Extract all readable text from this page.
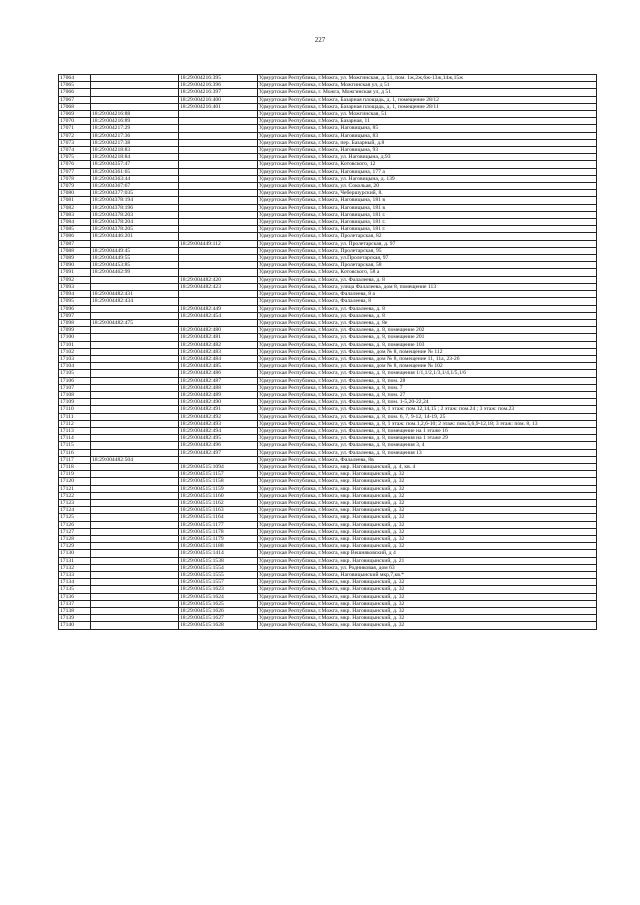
227
17064		18:29:004216:395	Удмуртская Республика, г.Можга, ул. Можгинская, д. 51, пом. 1ж,2ж,6ж-13ж,14ж,15ж
17065		18:29:004216:396	Удмуртская Республика, г.Можга, Можгинская ул, д 51
17066		18:29:004216:397	Удмуртская Республика, г. Можга, Можгинская ул, д 51
17067		18:29:004216:400	Удмуртская Республика, г.Можга, Базарная площадь, д. 1, помещение 28/12
17068		18:29:004216:401	Удмуртская Республика, г.Можга, Базарная площадь, д. 1, помещение 28/11
17069	18:29:004216:88		Удмуртская Республика, г.Можга, ул. Можгинская, 51
17070	18:29:004216:89		Удмуртская Республика, г.Можга, Базарная, 11
17071	18:29:004217:29		Удмуртская Республика, г.Можга, Наговицына, 85
17072	18:29:004217:36		Удмуртская Республика, г.Можга, Наговицына, 83
17073	18:29:004217:38		Удмуртская Республика, г.Можга, пер. Базарный, д.8
17074	18:29:004218:83		Удмуртская Республика, г.Можга, Наговицына, 93
17075	18:29:004218:84		Удмуртская Республика, г.Можга, ул. Наговицына, д.93
17076	18:29:004357:47		Удмуртская Республика, г.Можга, Котовского, 12
17077	18:29:004361:65		Удмуртская Республика, г.Можга, Наговицына, 177 а
17078	18:29:004363:44		Удмуртская Республика, г.Можга, ул. Наговицына, д. 139
17079	18:29:004367:67		Удмуртская Республика, г.Можга, ул. Сокольая, 20
17080	18:29:004377:035		Удмуртская Республика, г.Можга, Чебершурский, 8.
17081	18:29:004378:194		Удмуртская Республика, г.Можга, Наговицына, 181 в
17082	18:29:004378:196		Удмуртская Республика, г.Можга, Наговицына, 181 в
17083	18:29:004378:203		Удмуртская Республика, г.Можга, Наговицына, 181 г.
17084	18:29:004378:204		Удмуртская Республика, г.Можга, Наговицына, 181 г.
17085	18:29:004378:205		Удмуртская Республика, г.Можга, Наговицына, 181 г.
17086	18:29:004446:201		Удмуртская Республика, г.Можга, Пролетарская, 82
17087		18:29:004449:112	Удмуртская Республика, г.Можга, ул. Пролетарская, д. 97
17088	18:29:004449:45		Удмуртская Республика, г.Можга, Пролетарская, 95
17089	18:29:004449:55		Удмуртская Республика, г.Можга, ул.Пролетарская, 97
17090	18:29:004453:85		Удмуртская Республика, г.Можга, Пролетарская, 58
17091	18:29:004462:99		Удмуртская Республика, г.Можга, Котовского, 58 а
17092		18:29:004482:420	Удмуртская Республика, г.Можга, ул. Фалалеева, д. 8
17093		18:29:004482:423	Удмуртская Республика, г.Можга, улица Фалалеева, дом 8, помещение 113
17094	18:29:004482:431		Удмуртская Республика, г.Можга, Фалалеева, 8 а
17095	18:29:004482:434		Удмуртская Республика, г.Можга, Фалалеева, 8
17096		18:29:004482:449	Удмуртская Республика, г.Можга, ул. Фалалеева, д. 8
17097		18:29:004482:454	Удмуртская Республика, г.Можга, ул. Фалалеева, д. 8
17098	18:29:004482:475		Удмуртская Республика, г.Можга, ул. Фалалеева, д. 8е
17099		18:29:004482:480	Удмуртская Республика, г.Можга, ул. Фалалеева, д. 8, помещение 202
17100		18:29:004482:481	Удмуртская Республика, г.Можга, ул. Фалалеева, д. 8, помещение 201
17101		18:29:004482:482	Удмуртская Республика, г.Можга, ул. Фалалеева, д. 8, помещение 103
17102		18:29:004482:483	Удмуртская Республика, г.Можга, ул. Фалалеева, дом № 8, помещение № 112
17103		18:29:004482:484	Удмуртская Республика, г.Можга, ул. Фалалеева, дом № 8, помещение 11, 11а, 23-26
17104		18:29:004482:485	Удмуртская Республика, г.Можга, ул. Фалалеева, дом № 8, помещение № 102
17105		18:29:004482:486	Удмуртская Республика, г.Можга, ул. Фалалеева, д. 8, помещения 1/1,1/2,1/3,1/4,1/5,1/6
17106		18:29:004482:487	Удмуртская Республика, г.Можга, ул. Фалалеева, д. 8, пом. 28
17107		18:29:004482:488	Удмуртская Республика, г.Можга, ул. Фалалеева, д. 8, пом. 7
17108		18:29:004482:489	Удмуртская Республика, г.Можга, ул. Фалалеева, д. 8, пом. 27
17109		18:29:004482:490	Удмуртская Республика, г.Можга, ул. Фалалеева, д. 8, пом. 1-5,20-22,24
17110		18:29:004482:491	Удмуртская Республика, г.Можга, ул. Фалалеева, д. 8, 1 этаж: пом.12,14,15 ; 2 этаж: пом.24 ; 3 этаж: пом.23
17111		18:29:004482:492	Удмуртская Республика, г.Можга, ул. Фалалеева, д. 8, пом. 6, 7, 9-12, 14-19, 25
17112		18:29:004482:493	Удмуртская Республика, г.Можга, ул. Фалалеева, д. 8, 1 этаж: пом.1,2,6-10; 2 этаж: пом.5,6,9-12,18; 3 этаж: пом. 8, 13
17113		18:29:004482:494	Удмуртская Республика, г.Можга, ул. Фалалеева, д. 8, помещение на 1 этаже 16
17114		18:29:004482:495	Удмуртская Республика, г.Можга, ул. Фалалеева, д. 8, помещения на 1 этаже 29
17115		18:29:004482:496	Удмуртская Республика, г.Можга, ул. Фалалеева, д. 8, помещения 3, 4
17116		18:29:004482:497	Удмуртская Республика, г.Можга, ул. Фалалеева, д. 8, помещения 13
17117	18:29:004482:504		Удмуртская Республика, г.Можга, Фалалеева, 8в
17118		18:29:004515:1094	Удмуртская Республика, г.Можга, мкр. Наговицынский, д. 4, кв. 4
17119		18:29:004515:1157	Удмуртская Республика, г.Можга, мкр. Наговицынский, д. 32
17120		18:29:004515:1158	Удмуртская Республика, г.Можга, мкр. Наговицынский, д. 32
17121		18:29:004515:1159	Удмуртская Республика, г.Можга, мкр. Наговицынский, д. 32
17122		18:29:004515:1160	Удмуртская Республика, г.Можга, мкр. Наговицынский, д. 32
17123		18:29:004515:1162	Удмуртская Республика, г.Можга, мкр. Наговицынский, д. 32
17124		18:29:004515:1163	Удмуртская Республика, г.Можга, мкр. Наговицынский, д. 32
17125		18:29:004515:1164	Удмуртская Республика, г.Можга, мкр. Наговицынский, д. 32
17126		18:29:004515:1177	Удмуртская Республика, г.Можга, мкр. Наговицынский, д. 32
17127		18:29:004515:1178	Удмуртская Республика, г.Можга, мкр. Наговицынский, д. 32
17128		18:29:004515:1179	Удмуртская Республика, г.Можга, мкр. Наговицынский, д. 32
17129		18:29:004515:1188	Удмуртская Республика, г.Можга, мкр. Наговицынский, д. 32
17130		18:29:004515:1414	Удмуртская Республика, г.Можга, мкр Вешняковский, д 4
17131		18:29:004515:1538	Удмуртская Республика, г.Можга, мкр. Наговицынский, д. 21
17132		18:29:004515:1554	Удмуртская Республика, г.Можга, ул. Родниковая, дом 63
17133		18:29:004515:1555	Удмуртская Республика, г.Можга, Наговицынский мкр,7,кв.*
17134		18:29:004515:1557	Удмуртская Республика, г.Можга, мкр. Наговицынский, д. 32
17135		18:29:004515:1623	Удмуртская Республика, г.Можга, мкр. Наговицынский, д. 32
17136		18:29:004515:1624	Удмуртская Республика, г.Можга, мкр. Наговицынский, д. 32
17137		18:29:004515:1625	Удмуртская Республика, г.Можга, мкр. Наговицынский, д. 32
17138		18:29:004515:1626	Удмуртская Республика, г.Можга, мкр. Наговицынский, д. 32
17139		18:29:004515:1627	Удмуртская Республика, г.Можга, мкр. Наговицынский, д. 32
17140		18:29:004515:1628	Удмуртская Республика, г.Можга, мкр. Наговицынский, д. 32
